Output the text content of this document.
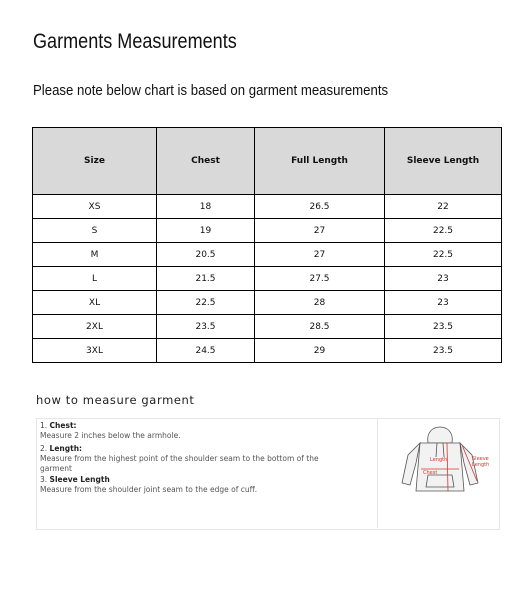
Garments Measurements
Please note below chart is based on garment measurements
Size	Chest	Full Length	Sleeve Length
XS	18	26.5	22
S	19	27	22.5
M	20.5	27	22.5
L	21.5	27.5	23
XL	22.5	28	23
2XL	23.5	28.5	23.5
3XL	24.5	29	23.5
how to measure garment
1. Chest:
Measure 2 inches below the armhole.
2. Length:
Measure from the highest point of the shoulder seam to the bottom of the
garment
3. Sleeve Length
Measure from the shoulder joint seam to the edge of cuff.
Length
Chest
Sleeve
Length
